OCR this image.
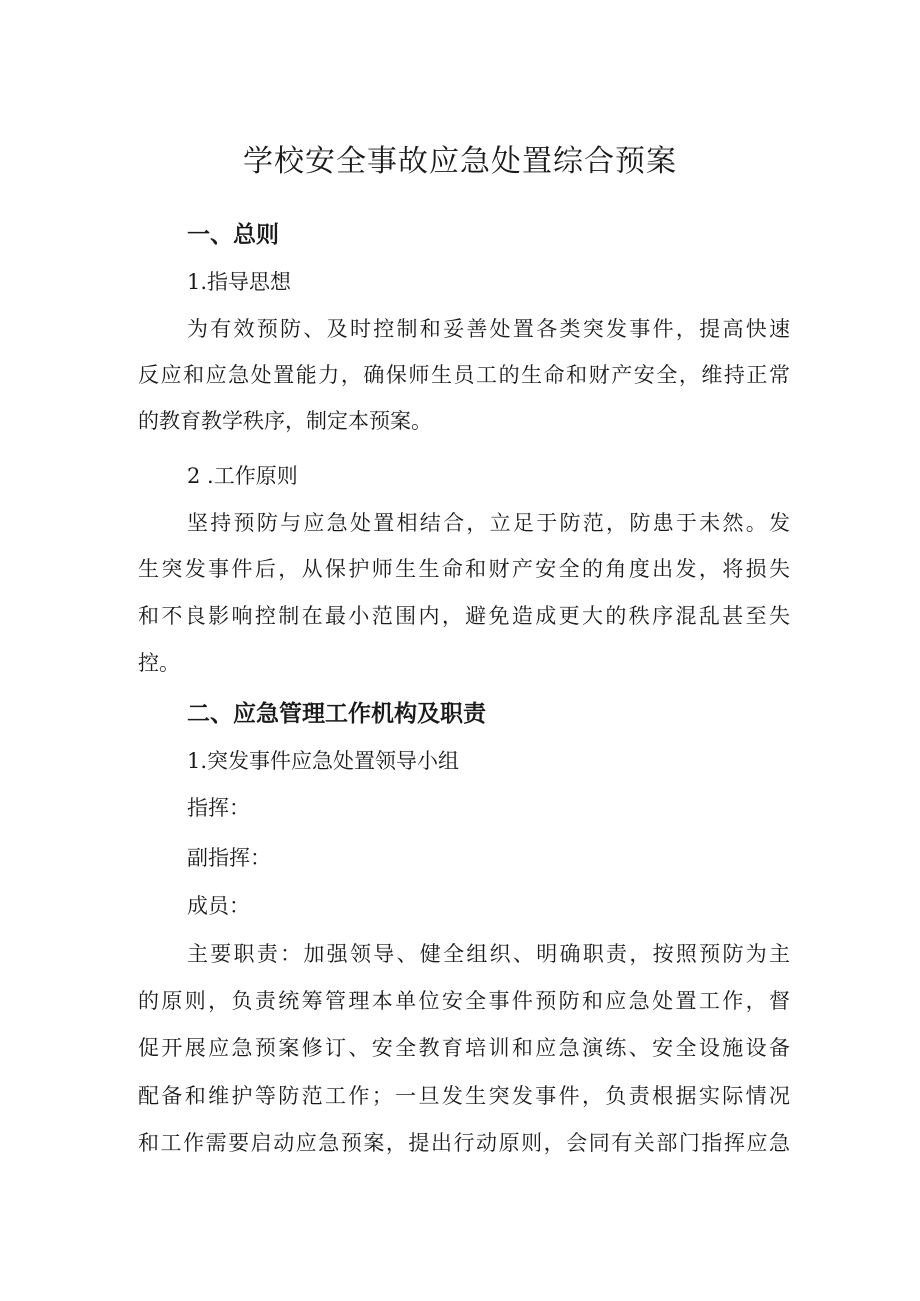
学校安全事故应急处置综合预案
一、总则
1.指导思想
为有效预防、及时控制和妥善处置各类突发事件，提高快速
反应和应急处置能力，确保师生员工的生命和财产安全，维持正常
的教育教学秩序，制定本预案。
2 .工作原则
坚持预防与应急处置相结合，立足于防范，防患于未然。发
生突发事件后，从保护师生生命和财产安全的角度出发，将损失
和不良影响控制在最小范围内，避免造成更大的秩序混乱甚至失
控。
二、应急管理工作机构及职责
1.突发事件应急处置领导小组
指挥：
副指挥：
成员：
主要职责：加强领导、健全组织、明确职责，按照预防为主
的原则，负责统筹管理本单位安全事件预防和应急处置工作，督
促开展应急预案修订、安全教育培训和应急演练、安全设施设备
配备和维护等防范工作；一旦发生突发事件，负责根据实际情况
和工作需要启动应急预案，提出行动原则，会同有关部门指挥应急
